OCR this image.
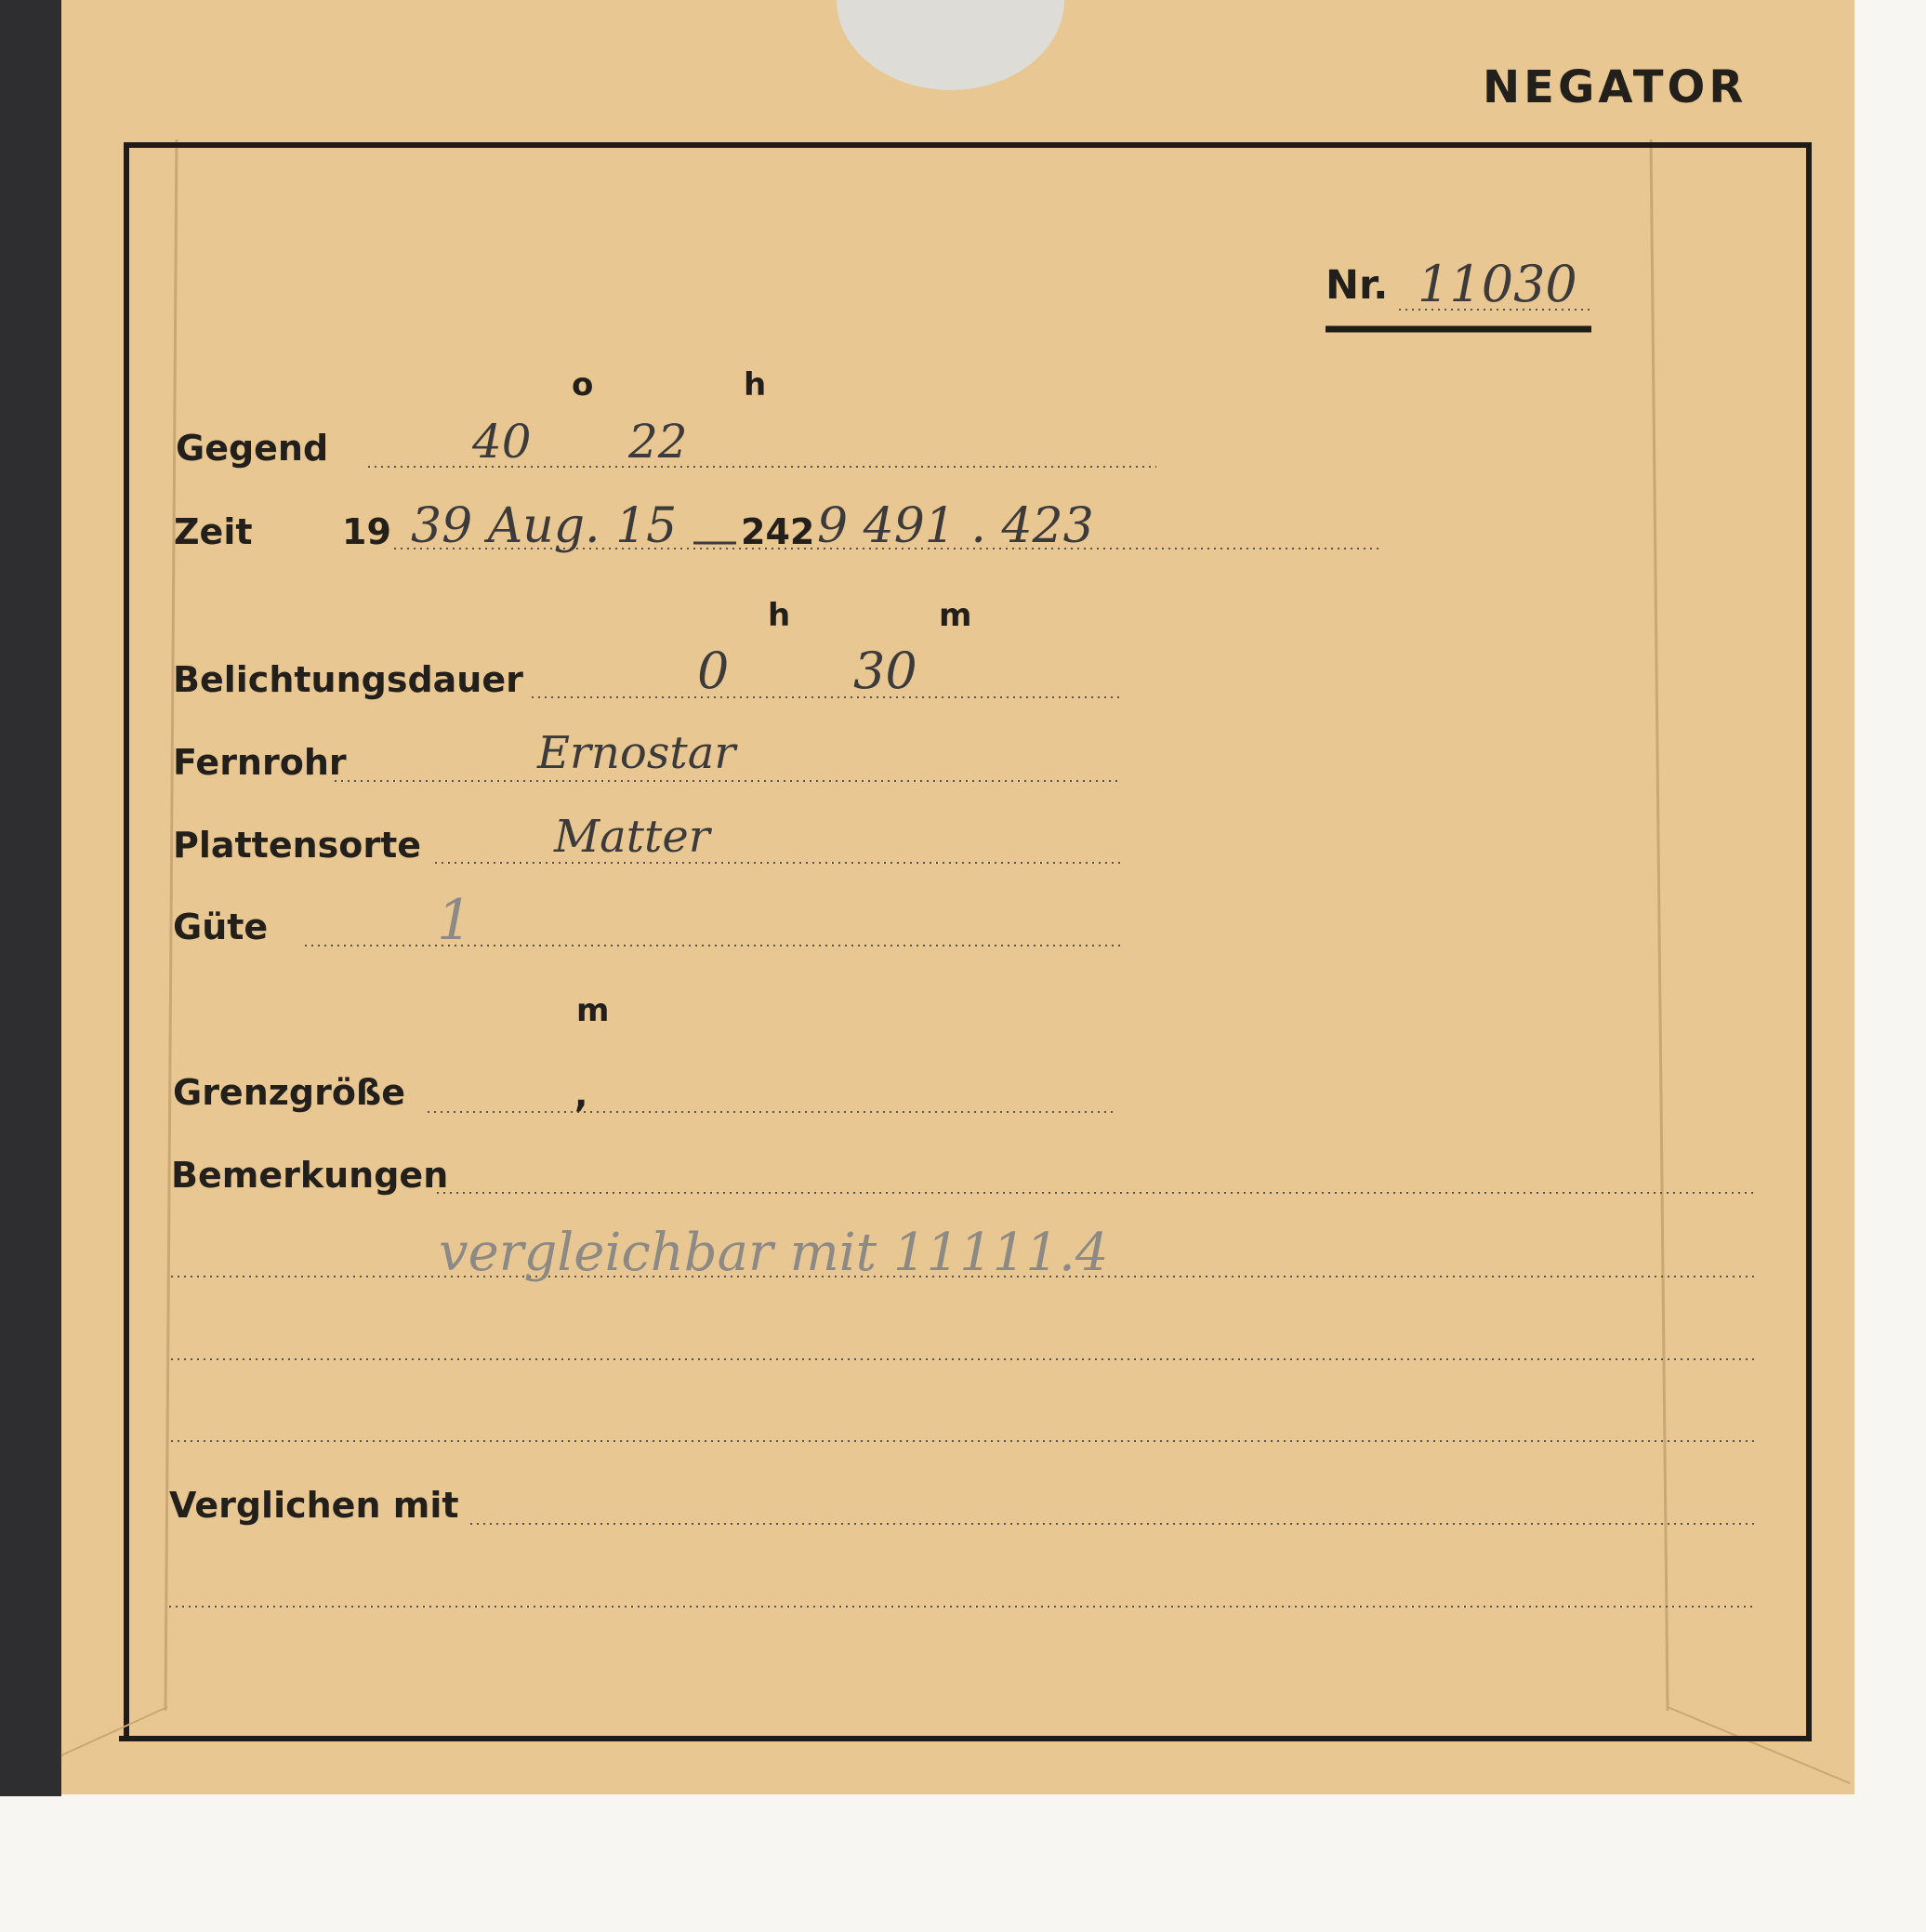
NEGATOR
Nr. 11030
o	h
Gegend	40 22
Zeit	19 39 Aug. 15 242 9 491 . 423
h	m
Belichtungsdauer	0 30
Fernrohr	Ernostar
Plattensorte	Matter
Güte	1
m
Grenzgröße	,
Bemerkungen
vergleichbar mit 11111.4
Verglichen mit
